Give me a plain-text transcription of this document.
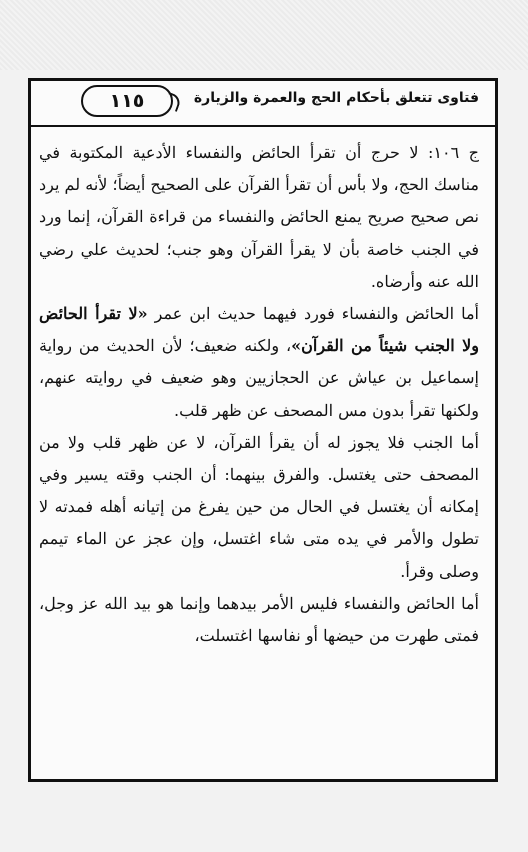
فتاوى تتعلق بأحكام الحج والعمرة والزيارة
١١٥

ج ١٠٦: لا حرج أن تقرأ الحائض والنفساء الأدعية المكتوبة في مناسك الحج، ولا بأس أن تقرأ القرآن على الصحيح أيضاً؛ لأنه لم يرد نص صحيح صريح يمنع الحائض والنفساء من قراءة القرآن، إنما ورد في الجنب خاصة بأن لا يقرأ القرآن وهو جنب؛ لحديث علي رضي الله عنه وأرضاه.

أما الحائض والنفساء فورد فيهما حديث ابن عمر «لا تقرأ الحائض ولا الجنب شيئاً من القرآن»، ولكنه ضعيف؛ لأن الحديث من رواية إسماعيل بن عياش عن الحجازيين وهو ضعيف في روايته عنهم، ولكنها تقرأ بدون مس المصحف عن ظهر قلب.

أما الجنب فلا يجوز له أن يقرأ القرآن، لا عن ظهر قلب ولا من المصحف حتى يغتسل. والفرق بينهما: أن الجنب وقته يسير وفي إمكانه أن يغتسل في الحال من حين يفرغ من إتيانه أهله فمدته لا تطول والأمر في يده متى شاء اغتسل، وإن عجز عن الماء تيمم وصلى وقرأ.

أما الحائض والنفساء فليس الأمر بيدهما وإنما هو بيد الله عز وجل، فمتى طهرت من حيضها أو نفاسها اغتسلت،
